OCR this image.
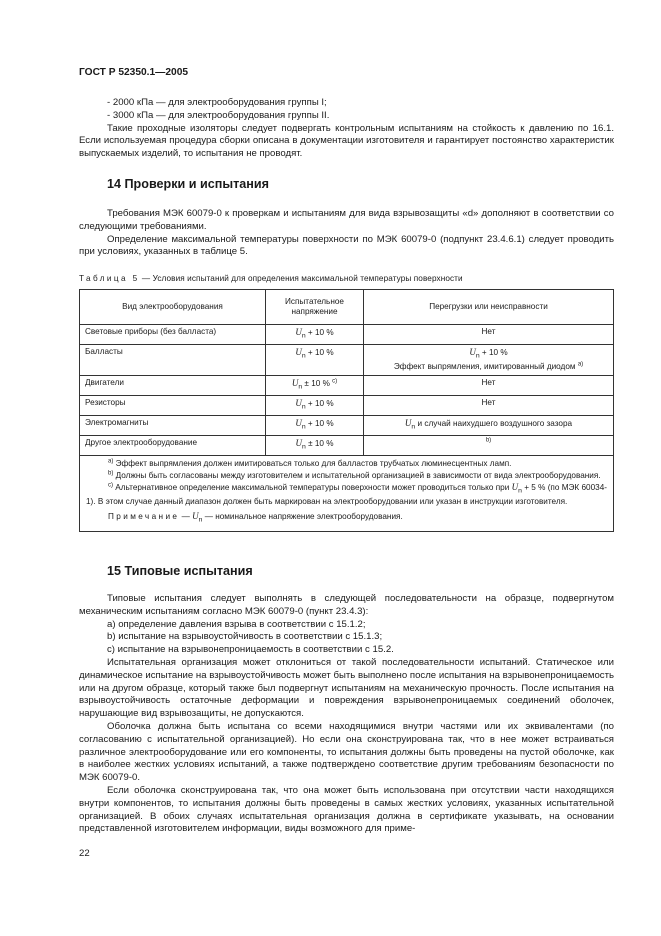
ГОСТ Р 52350.1—2005

- 2000 кПа — для электрооборудования группы I;

- 3000 кПа — для электрооборудования группы II.

Такие проходные изоляторы следует подвергать контрольным испытаниям на стойкость к давлению по 16.1. Если используемая процедура сборки описана в документации изготовителя и гарантирует постоянство характеристик выпускаемых изделий, то испытания не проводят.

14 Проверки и испытания

Требования МЭК 60079-0 к проверкам и испытаниям для вида взрывозащиты «d» дополняют в соответствии со следующими требованиями.

Определение максимальной температуры поверхности по МЭК 60079-0 (подпункт 23.4.6.1) следует проводить при условиях, указанных в таблице 5.

Таблица 5 — Условия испытаний для определения максимальной температуры поверхности
Вид электрооборудования	Испытательное напряжение	Перегрузки или неисправности
Световые приборы (без балласта)	$U_n + 10$ %	Нет
Балласты	$U_n + 10$ %	$U_n + 10$ %
Эффект выпрямления, имитированный диодом $^{a)}$
Двигатели	$U_n \pm 10$ % $^{c)}$	Нет
Резисторы	$U_n + 10$ %	Нет
Электромагниты	$U_n + 10$ %	$U_n$ и случай наихудшего воздушного зазора
Другое электрооборудование	$U_n \pm 10$ %	$^{b)}$

$^{a)}$ Эффект выпрямления должен имитироваться только для балластов трубчатых люминесцентных ламп.

$^{b)}$ Должны быть согласованы между изготовителем и испытательной организацией в зависимости от вида электрооборудования.

$^{c)}$ Альтернативное определение максимальной температуры поверхности может проводиться только при $U_n + 5$ % (по МЭК 60034-1). В этом случае данный диапазон должен быть маркирован на электрооборудовании или указан в инструкции изготовителя.

Примечание — $U_n$ — номинальное напряжение электрооборудования.		

15 Типовые испытания

Типовые испытания следует выполнять в следующей последовательности на образце, подвергнутом механическим испытаниям согласно МЭК 60079-0 (пункт 23.4.3):

a) определение давления взрыва в соответствии с 15.1.2;

b) испытание на взрывоустойчивость в соответствии с 15.1.3;

c) испытание на взрывонепроницаемость в соответствии с 15.2.

Испытательная организация может отклониться от такой последовательности испытаний. Статическое или динамическое испытание на взрывоустойчивость может быть выполнено после испытания на взрывонепроницаемость или на другом образце, который также был подвергнут испытаниям на механическую прочность. После испытания на взрывоустойчивость остаточные деформации и повреждения взрывонепроницаемых соединений оболочек, нарушающие вид взрывозащиты, не допускаются.

Оболочка должна быть испытана со всеми находящимися внутри частями или их эквивалентами (по согласованию с испытательной организацией). Но если она сконструирована так, что в нее может встраиваться различное электрооборудование или его компоненты, то испытания должны быть проведены на пустой оболочке, как в наиболее жестких условиях испытаний, а также подтверждено соответствие другим требованиям безопасности по МЭК 60079-0.

Если оболочка сконструирована так, что она может быть использована при отсутствии части находящихся внутри компонентов, то испытания должны быть проведены в самых жестких условиях, указанных испытательной организацией. В обоих случаях испытательная организация должна в сертификате указывать, на основании представленной изготовителем информации, виды возможного для приме-

22
